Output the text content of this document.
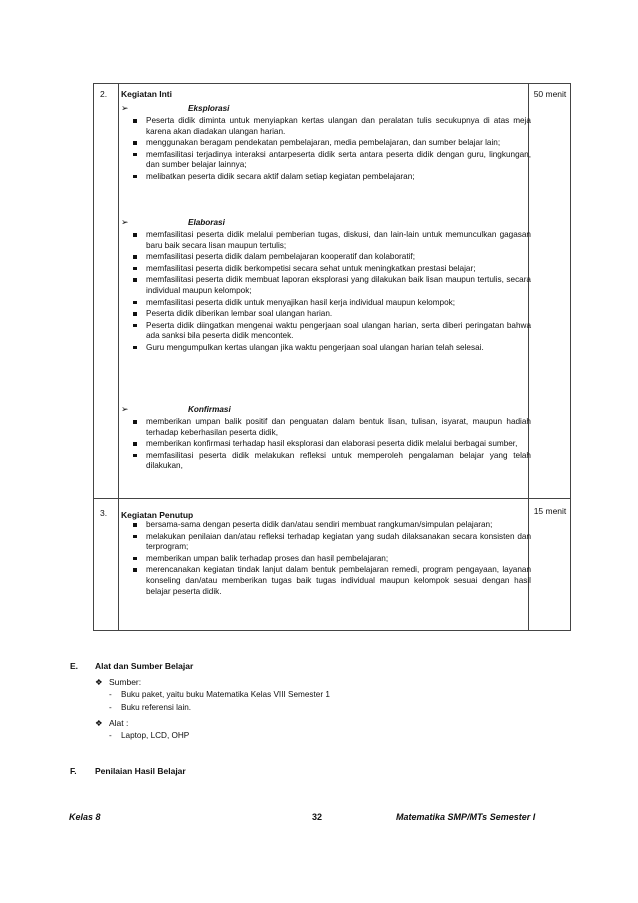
2. Kegiatan Inti	50 menit
➢	Eksplorasi
Peserta didik diminta untuk menyiapkan kertas ulangan dan peralatan tulis secukupnya di atas meja karena akan diadakan ulangan harian.
menggunakan beragam pendekatan pembelajaran, media pembelajaran, dan sumber belajar lain;
memfasilitasi terjadinya interaksi antarpeserta didik serta antara peserta didik dengan guru, lingkungan, dan sumber belajar lainnya;
melibatkan peserta didik secara aktif dalam setiap kegiatan pembelajaran;
➢	Elaborasi
memfasilitasi peserta didik melalui pemberian tugas, diskusi, dan lain-lain untuk memunculkan gagasan baru baik secara lisan maupun tertulis;
memfasilitasi peserta didik dalam pembelajaran kooperatif dan kolaboratif;
memfasilitasi peserta didik berkompetisi secara sehat untuk meningkatkan prestasi belajar;
memfasilitasi peserta didik membuat laporan eksplorasi yang dilakukan baik lisan maupun tertulis, secara individual maupun kelompok;
memfasilitasi peserta didik untuk menyajikan hasil kerja individual maupun kelompok;
Peserta didik diberikan lembar soal ulangan harian.
Peserta didik diingatkan mengenai waktu pengerjaan soal ulangan harian, serta diberi peringatan bahwa ada sanksi bila peserta didik mencontek.
Guru mengumpulkan kertas ulangan jika waktu pengerjaan soal ulangan harian telah selesai.
➢	Konfirmasi
memberikan umpan balik positif dan penguatan dalam bentuk lisan, tulisan, isyarat, maupun hadiah terhadap keberhasilan peserta didik,
memberikan konfirmasi terhadap hasil eksplorasi dan elaborasi peserta didik melalui berbagai sumber,
memfasilitasi peserta didik melakukan refleksi untuk memperoleh pengalaman belajar yang telah dilakukan,
3. Kegiatan Penutup	15 menit
bersama-sama dengan peserta didik dan/atau sendiri membuat rangkuman/simpulan pelajaran;
melakukan penilaian dan/atau refleksi terhadap kegiatan yang sudah dilaksanakan secara konsisten dan terprogram;
memberikan umpan balik terhadap proses dan hasil pembelajaran;
merencanakan kegiatan tindak lanjut dalam bentuk pembelajaran remedi, program pengayaan, layanan konseling dan/atau memberikan tugas baik tugas individual maupun kelompok sesuai dengan hasil belajar peserta didik.
E. Alat dan Sumber Belajar
❖ Sumber:
- Buku paket, yaitu buku Matematika Kelas VIII Semester 1
- Buku referensi lain.
❖ Alat :
- Laptop, LCD, OHP
F. Penilaian Hasil Belajar
Kelas 8	32	Matematika SMP/MTs Semester I
